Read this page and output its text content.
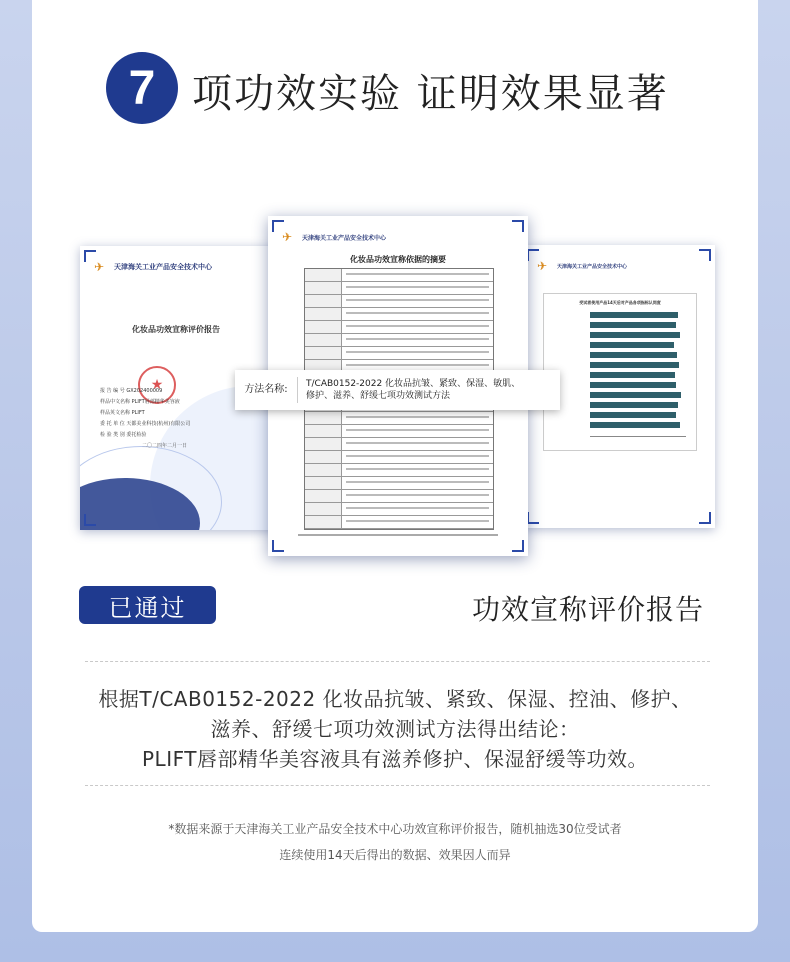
7 项功效实验 证明效果显著
✈	天津海关工业产品安全技术中心
化妆品功效宣称评价报告
★
报 告 编 号 GX202400009
样品中文名称 PLIFT唇部精华美容液
样品英文名称 PLIFT
委 托 单 位 天都美业科技(杭州)有限公司
检 验 类 别 委托检验
二〇二四年二月一日
✈	天津海关工业产品安全技术中心
受试者使用产品14天后对产品各项指标认同度
✈	天津海关工业产品安全技术中心
化妆品功效宣称依据的摘要
方法名称:	T/CAB0152-2022 化妆品抗皱、紧致、保湿、敏肌、
修护、滋养、舒缓七项功效测试方法
已通过	功效宣称评价报告
根据T/CAB0152-2022 化妆品抗皱、紧致、保湿、控油、修护、
滋养、舒缓七项功效测试方法得出结论：
PLIFT唇部精华美容液具有滋养修护、保湿舒缓等功效。
*数据来源于天津海关工业产品安全技术中心功效宣称评价报告，随机抽选30位受试者
连续使用14天后得出的数据、效果因人而异
